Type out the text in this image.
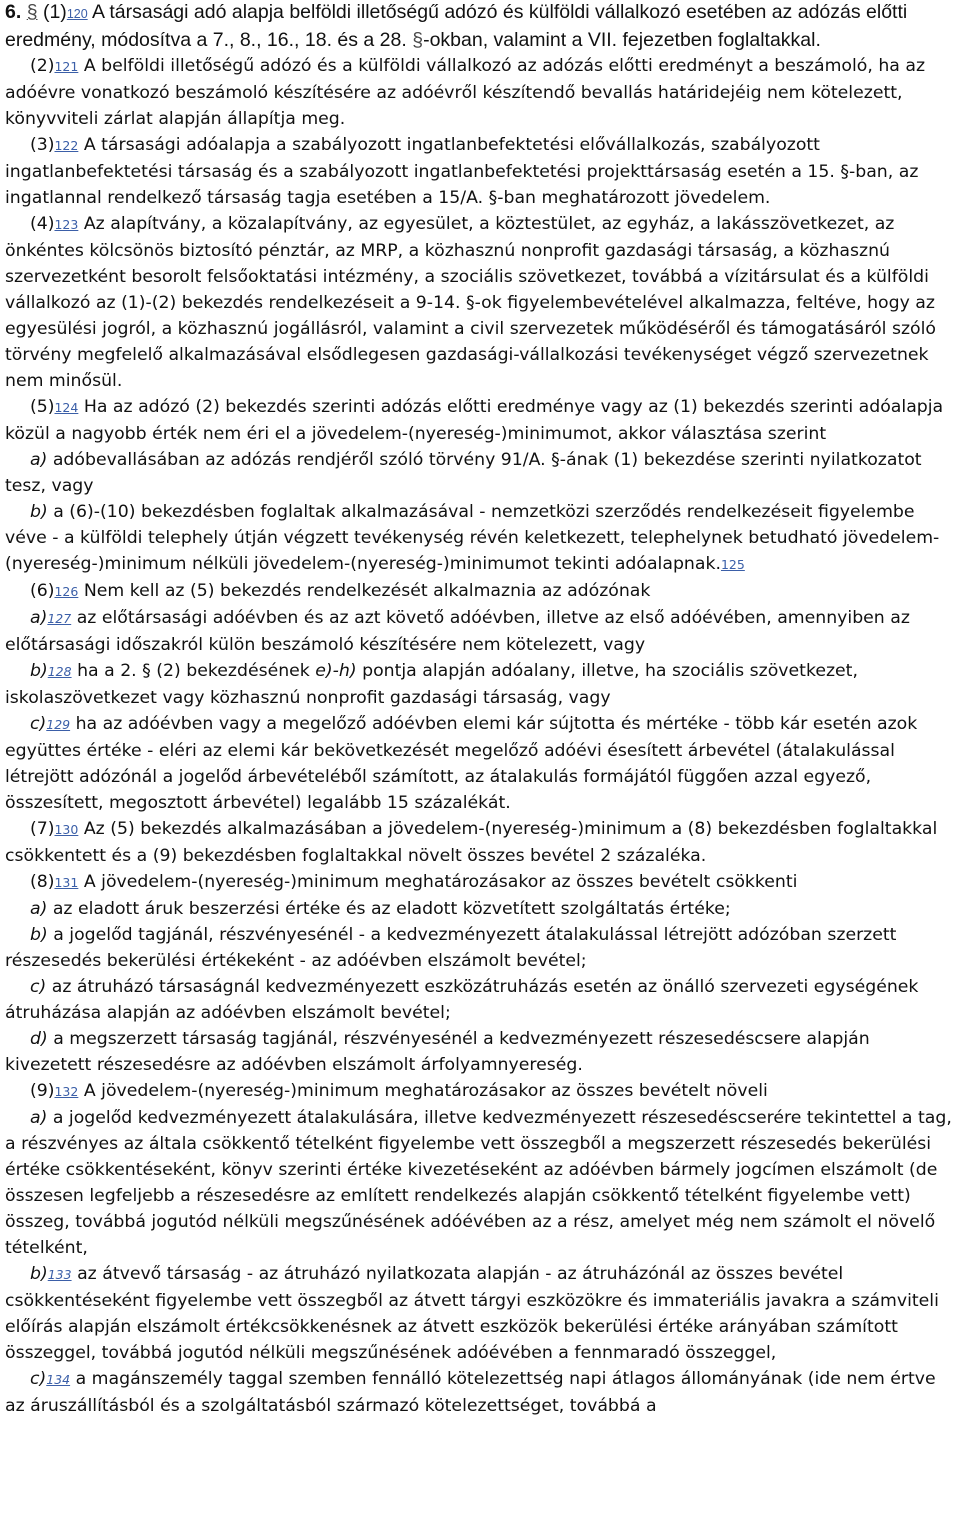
6. § (1)120 A társasági adó alapja belföldi illetőségű adózó és külföldi vállalkozó esetében az adózás előtti eredmény, módosítva a 7., 8., 16., 18. és a 28. §-okban, valamint a VII. fejezetben foglaltakkal.

(2)121 A belföldi illetőségű adózó és a külföldi vállalkozó az adózás előtti eredményt a beszámoló, ha az adóévre vonatkozó beszámoló készítésére az adóévről készítendő bevallás határidejéig nem kötelezett, könyvviteli zárlat alapján állapítja meg.

(3)122 A társasági adóalapja a szabályozott ingatlanbefektetési elővállalkozás, szabályozott ingatlanbefektetési társaság és a szabályozott ingatlanbefektetési projekttársaság esetén a 15. §-ban, az ingatlannal rendelkező társaság tagja esetében a 15/A. §-ban meghatározott jövedelem.

(4)123 Az alapítvány, a közalapítvány, az egyesület, a köztestület, az egyház, a lakásszövetkezet, az önkéntes kölcsönös biztosító pénztár, az MRP, a közhasznú nonprofit gazdasági társaság, a közhasznú szervezetként besorolt felsőoktatási intézmény, a szociális szövetkezet, továbbá a vízitársulat és a külföldi vállalkozó az (1)-(2) bekezdés rendelkezéseit a 9-14. §-ok figyelembevételével alkalmazza, feltéve, hogy az egyesülési jogról, a közhasznú jogállásról, valamint a civil szervezetek működéséről és támogatásáról szóló törvény megfelelő alkalmazásával elsődlegesen gazdasági-vállalkozási tevékenységet végző szervezetnek nem minősül.

(5)124 Ha az adózó (2) bekezdés szerinti adózás előtti eredménye vagy az (1) bekezdés szerinti adóalapja közül a nagyobb érték nem éri el a jövedelem-(nyereség-)minimumot, akkor választása szerint

a) adóbevallásában az adózás rendjéről szóló törvény 91/A. §-ának (1) bekezdése szerinti nyilatkozatot tesz, vagy

b) a (6)-(10) bekezdésben foglaltak alkalmazásával - nemzetközi szerződés rendelkezéseit figyelembe véve - a külföldi telephely útján végzett tevékenység révén keletkezett, telephelynek betudható jövedelem-(nyereség-)minimum nélküli jövedelem-(nyereség-)minimumot tekinti adóalapnak.125

(6)126 Nem kell az (5) bekezdés rendelkezését alkalmaznia az adózónak

a)127 az előtársasági adóévben és az azt követő adóévben, illetve az első adóévében, amennyiben az előtársasági időszakról külön beszámoló készítésére nem kötelezett, vagy

b)128 ha a 2. § (2) bekezdésének e)-h) pontja alapján adóalany, illetve, ha szociális szövetkezet, iskolaszövetkezet vagy közhasznú nonprofit gazdasági társaság, vagy

c)129 ha az adóévben vagy a megelőző adóévben elemi kár sújtotta és mértéke - több kár esetén azok együttes értéke - eléri az elemi kár bekövetkezését megelőző adóévi ésesített árbevétel (átalakulással létrejött adózónál a jogelőd árbevételéből számított, az átalakulás formájától függően azzal egyező, összesített, megosztott árbevétel) legalább 15 százalékát.

(7)130 Az (5) bekezdés alkalmazásában a jövedelem-(nyereség-)minimum a (8) bekezdésben foglaltakkal csökkentett és a (9) bekezdésben foglaltakkal növelt összes bevétel 2 százaléka.

(8)131 A jövedelem-(nyereség-)minimum meghatározásakor az összes bevételt csökkenti

a) az eladott áruk beszerzési értéke és az eladott közvetített szolgáltatás értéke;

b) a jogelőd tagjánál, részvényesénél - a kedvezményezett átalakulással létrejött adózóban szerzett részesedés bekerülési értékeként - az adóévben elszámolt bevétel;

c) az átruházó társaságnál kedvezményezett eszközátruházás esetén az önálló szervezeti egységének átruházása alapján az adóévben elszámolt bevétel;

d) a megszerzett társaság tagjánál, részvényesénél a kedvezményezett részesedéscsere alapján kivezetett részesedésre az adóévben elszámolt árfolyamnyereség.

(9)132 A jövedelem-(nyereség-)minimum meghatározásakor az összes bevételt növeli

a) a jogelőd kedvezményezett átalakulására, illetve kedvezményezett részesedéscserére tekintettel a tag, a részvényes az általa csökkentő tételként figyelembe vett összegből a megszerzett részesedés bekerülési értéke csökkentéseként, könyv szerinti értéke kivezetéseként az adóévben bármely jogcímen elszámolt (de összesen legfeljebb a részesedésre az említett rendelkezés alapján csökkentő tételként figyelembe vett) összeg, továbbá jogutód nélküli megszűnésének adóévében az a rész, amelyet még nem számolt el növelő tételként,

b)133 az átvevő társaság - az átruházó nyilatkozata alapján - az átruházónál az összes bevétel csökkentéseként figyelembe vett összegből az átvett tárgyi eszközökre és immateriális javakra a számviteli előírás alapján elszámolt értékcsökkenésnek az átvett eszközök bekerülési értéke arányában számított összeggel, továbbá jogutód nélküli megszűnésének adóévében a fennmaradó összeggel,

c)134 a magánszemély taggal szemben fennálló kötelezettség napi átlagos állományának (ide nem értve az áruszállításból és a szolgáltatásból származó kötelezettséget, továbbá a
